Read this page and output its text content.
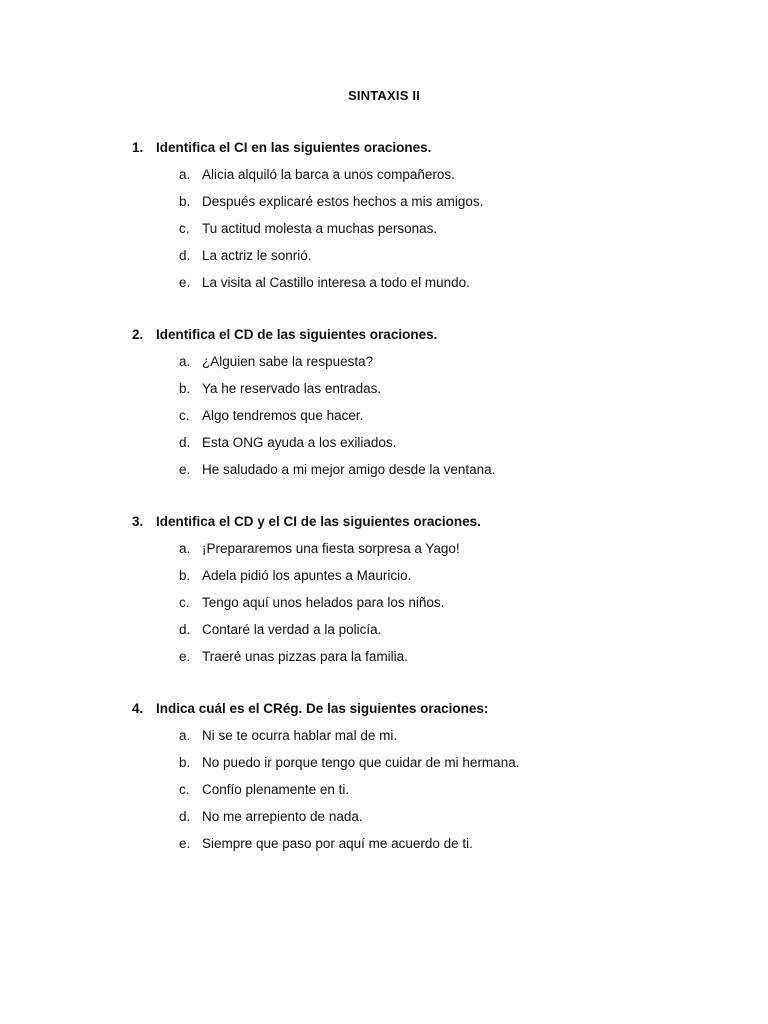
SINTAXIS II
1. Identifica el CI en las siguientes oraciones.
a. Alicia alquiló la barca a unos compañeros.
b. Después explicaré estos hechos a mis amigos.
c. Tu actitud molesta a muchas personas.
d. La actriz le sonrió.
e. La visita al Castillo interesa a todo el mundo.
2. Identifica el CD de las siguientes oraciones.
a. ¿Alguien sabe la respuesta?
b. Ya he reservado las entradas.
c. Algo tendremos que hacer.
d. Esta ONG ayuda a los exiliados.
e. He saludado a mi mejor amigo desde la ventana.
3. Identifica el CD y el CI de las siguientes oraciones.
a. ¡Prepararemos una fiesta sorpresa a Yago!
b. Adela pidió los apuntes a Mauricio.
c. Tengo aquí unos helados para los niños.
d. Contaré la verdad a la policía.
e. Traeré unas pizzas para la familia.
4. Indica cuál es el CRég. De las siguientes oraciones:
a. Ni se te ocurra hablar mal de mi.
b. No puedo ir porque tengo que cuidar de mi hermana.
c. Confío plenamente en ti.
d. No me arrepiento de nada.
e. Siempre que paso por aquí me acuerdo de ti.
